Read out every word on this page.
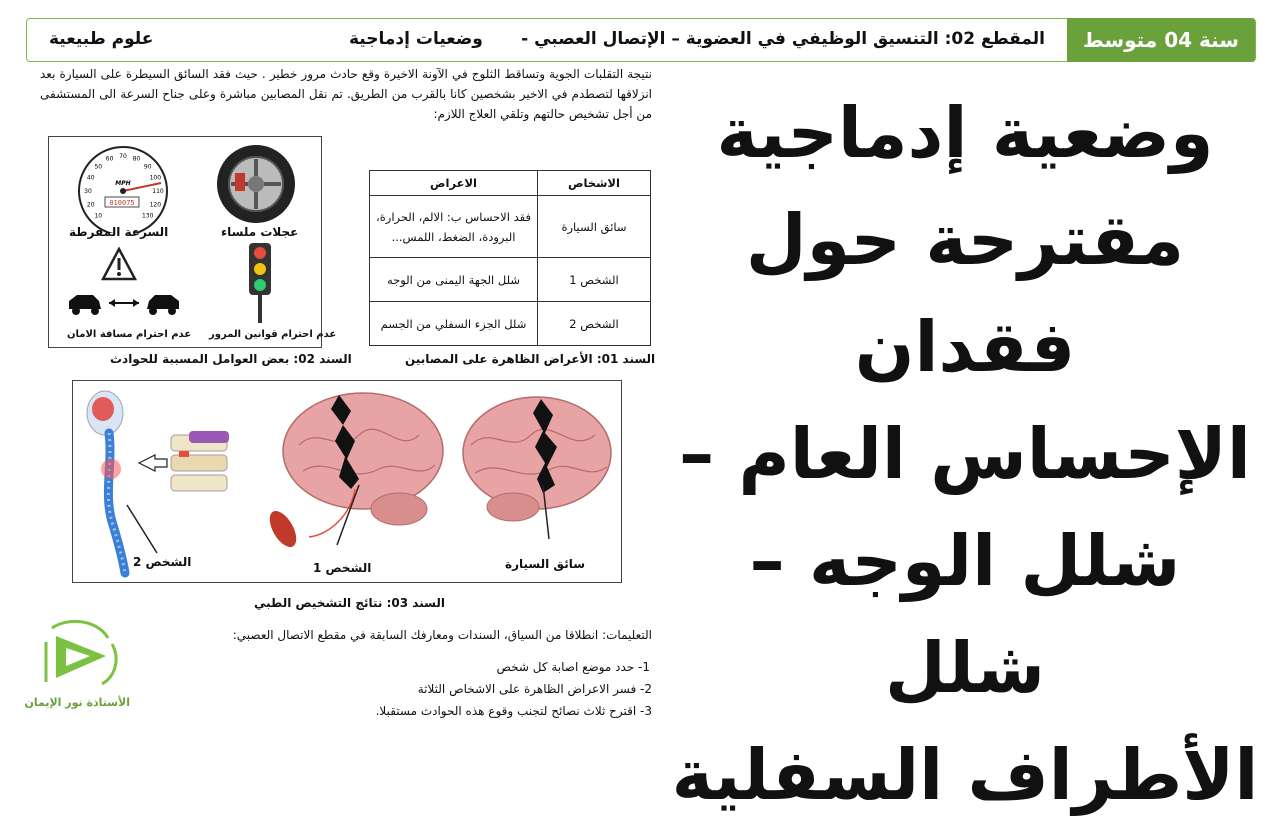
سنة 04 متوسط
المقطع 02: التنسيق الوظيفي في العضوية – الإتصال العصبي -
وضعيات إدماجية
علوم طبيعية
وضعية إدماجية
مقترحة حول فقدان
الإحساس العام –
شلل الوجه – شلل
الأطراف السفلية
نتيجة التقلبات الجوية وتساقط الثلوج في الآونة الاخيرة وقع حادث مرور خطير . حيث فقد السائق السيطرة على السيارة بعد انزلاقها لتصطدم في الاخير بشخصين كانا بالقرب من الطريق. تم نقل المصابين مباشرة وعلى جناح السرعة الى المستشفى من أجل تشخيص حالتهم وتلقي العلاج اللازم:
010075
MPH
10
20
30
40
50
60 70 80
90
100
110
120
130
السرعة المفرطة	عجلات ملساء
عدم احترام مسافة الامان عدم احترام قوانين المرور
السند 02: بعض العوامل المسببة للحوادث
الاشخاص	الاعراض
سائق السيارة	فقد الاحساس ب: الالم، الحرارة، البرودة، الضغط، اللمس...
الشخص 1	شلل الجهة اليمنى من الوجه
الشخص 2	شلل الجزء السفلي من الجسم
السند 01: الأعراض الظاهرة على المصابين
الشخص 2	الشخص 1	سائق السيارة
السند 03: نتائج التشخيص الطبي
التعليمات: انطلاقا من السياق، السندات ومعارفك السابقة في مقطع الاتصال العصبي:
1- حدد موضع اصابة كل شخص
2- فسر الاعراض الظاهرة على الاشخاص الثلاثة
3- اقترح ثلاث نصائح لتجنب وقوع هذه الحوادث مستقبلا.
الأستاذة نور الإيمان
